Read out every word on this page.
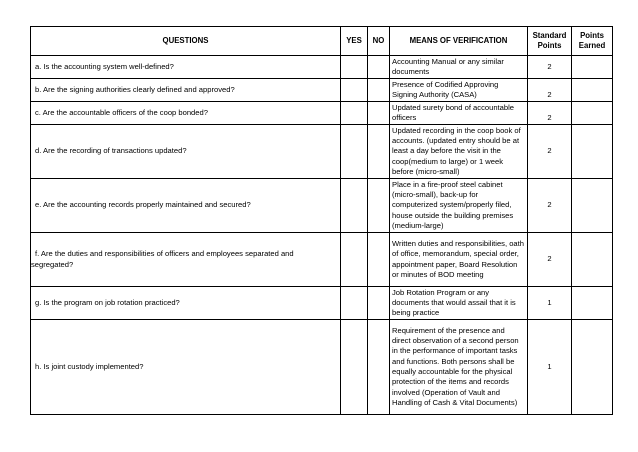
QUESTIONS	YES	NO	MEANS OF VERIFICATION	Standard Points	Points Earned
a. Is the accounting system well-defined?			Accounting Manual or any similar documents	2	
b. Are the signing authorities clearly defined and approved?			Presence of Codified Approving Signing Authority (CASA)	2	
c. Are the accountable officers of the coop bonded?			Updated surety bond of accountable officers	2	
d. Are the recording of transactions updated?			Updated recording in the coop book of accounts. (updated entry should be at least a day before the visit in the coop(medium to large) or 1 week before (micro-small)	2	
e. Are the accounting records properly maintained and secured?			Place in a fire-proof steel cabinet (micro-small), back-up for computerized system/properly filed, house outside the building premises (medium-large)	2	
f. Are the duties and responsibilities of officers and employees separated and segregated?			Written duties and responsibilities, oath of office, memorandum, special order, appointment paper, Board Resolution or minutes of BOD meeting	2	
g. Is the program on job rotation practiced?			Job Rotation Program or any documents that would assail that it is being practice	1	
h. Is joint custody implemented?			Requirement of the presence and direct observation of a second person in the performance of important tasks and functions. Both persons shall be equally accountable for the physical protection of the items and records involved (Operation of Vault and Handling of Cash & Vital Documents)	1	
